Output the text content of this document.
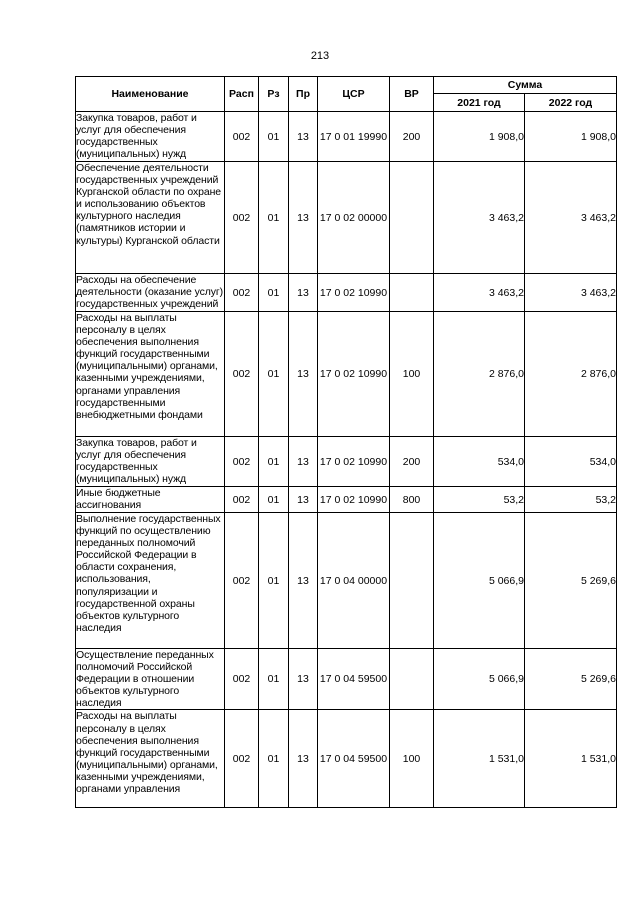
213
Наименование	Расп	Рз	Пр	ЦСР	ВР	Сумма	
						2021 год	2022 год
Закупка товаров, работ и услуг для обеспечения государственных (муниципальных) нужд	002	01	13	17 0 01 19990	200	1 908,0	1 908,0
Обеспечение деятельности государственных учреждений Курганской области по охране и использованию объектов культурного наследия (памятников истории и культуры) Курганской области	002	01	13	17 0 02 00000		3 463,2	3 463,2
Расходы на обеспечение деятельности (оказание услуг) государственных учреждений	002	01	13	17 0 02 10990		3 463,2	3 463,2
Расходы на выплаты персоналу в целях обеспечения выполнения функций государственными (муниципальными) органами, казенными учреждениями, органами управления государственными внебюджетными фондами	002	01	13	17 0 02 10990	100	2 876,0	2 876,0
Закупка товаров, работ и услуг для обеспечения государственных (муниципальных) нужд	002	01	13	17 0 02 10990	200	534,0	534,0
Иные бюджетные ассигнования	002	01	13	17 0 02 10990	800	53,2	53,2
Выполнение государственных функций по осуществлению переданных полномочий Российской Федерации в области сохранения, использования, популяризации и государственной охраны объектов культурного наследия	002	01	13	17 0 04 00000		5 066,9	5 269,6
Осуществление переданных полномочий Российской Федерации в отношении объектов культурного наследия	002	01	13	17 0 04 59500		5 066,9	5 269,6
Расходы на выплаты персоналу в целях обеспечения выполнения функций государственными (муниципальными) органами, казенными учреждениями, органами управления	002	01	13	17 0 04 59500	100	1 531,0	1 531,0
